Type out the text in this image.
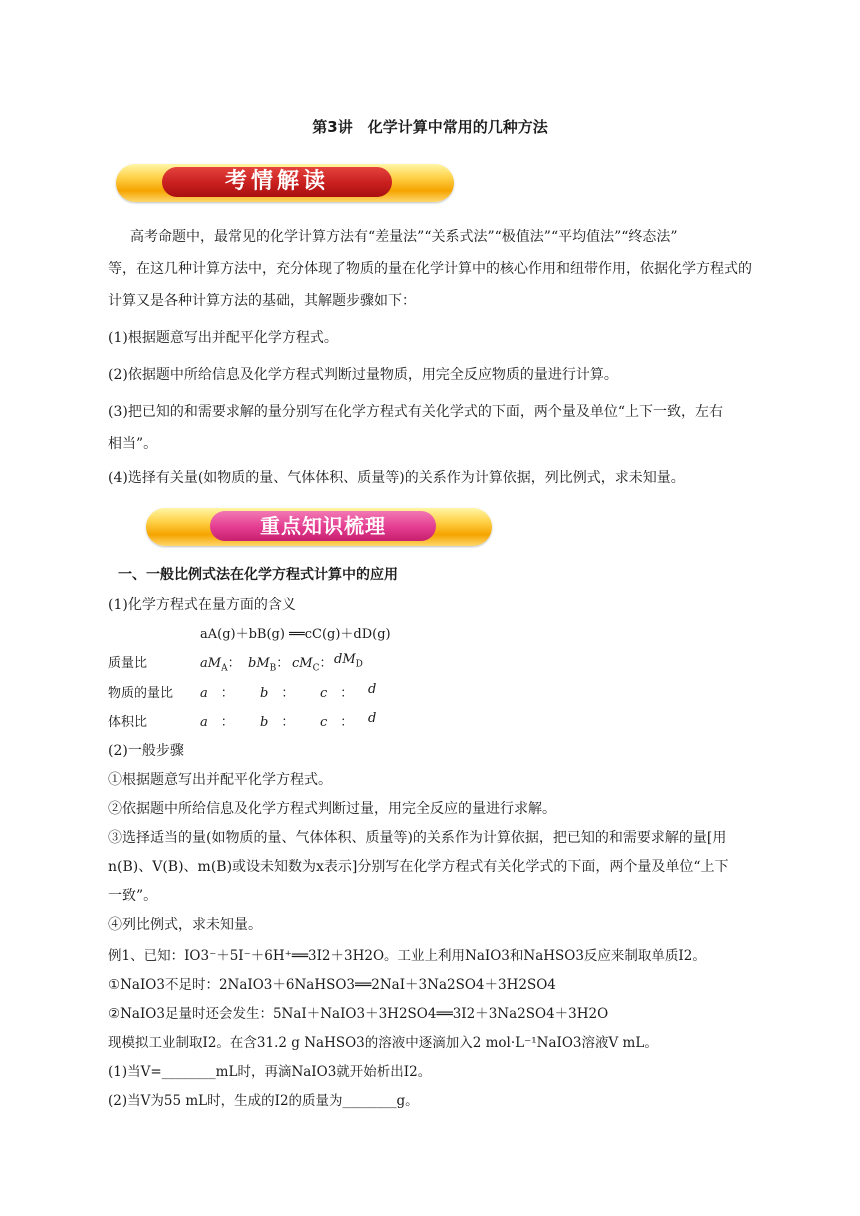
第3讲　化学计算中常用的几种方法
考情解读
高考命题中，最常见的化学计算方法有“差量法”“关系式法”“极值法”“平均值法”“终态法”
等，在这几种计算方法中，充分体现了物质的量在化学计算中的核心作用和纽带作用，依据化学方程式的
计算又是各种计算方法的基础，其解题步骤如下：
(1)根据题意写出并配平化学方程式。
(2)依据题中所给信息及化学方程式判断过量物质，用完全反应物质的量进行计算。
(3)把已知的和需要求解的量分别写在化学方程式有关化学式的下面，两个量及单位“上下一致，左右
相当”。
(4)选择有关量(如物质的量、气体体积、质量等)的关系作为计算依据，列比例式，求未知量。
重点知识梳理
一、一般比例式法在化学方程式计算中的应用
(1)化学方程式在量方面的含义
aA(g)＋bB(g) ══cC(g)＋dD(g)
质量比	$aM_A$： $bM_B$： $cM_C$： $dM_D$
物质的量比 a　： b　： c　： d
体积比	a　： b　： c　： d
(2)一般步骤
①根据题意写出并配平化学方程式。
②依据题中所给信息及化学方程式判断过量，用完全反应的量进行求解。
③选择适当的量(如物质的量、气体体积、质量等)的关系作为计算依据，把已知的和需要求解的量[用
n(B)、V(B)、m(B)或设未知数为x表示]分别写在化学方程式有关化学式的下面，两个量及单位“上下
一致”。
④列比例式，求未知量。
例1、已知：IO3⁻＋5I⁻＋6H⁺══3I2＋3H2O。工业上利用NaIO3和NaHSO3反应来制取单质I2。
①NaIO3不足时：2NaIO3＋6NaHSO3══2NaI＋3Na2SO4＋3H2SO4
②NaIO3足量时还会发生：5NaI＋NaIO3＋3H2SO4══3I2＋3Na2SO4＋3H2O
现模拟工业制取I2。在含31.2 g NaHSO3的溶液中逐滴加入2 mol·L⁻¹NaIO3溶液V mL。
(1)当V=________mL时，再滴NaIO3就开始析出I2。
(2)当V为55 mL时，生成的I2的质量为________g。
